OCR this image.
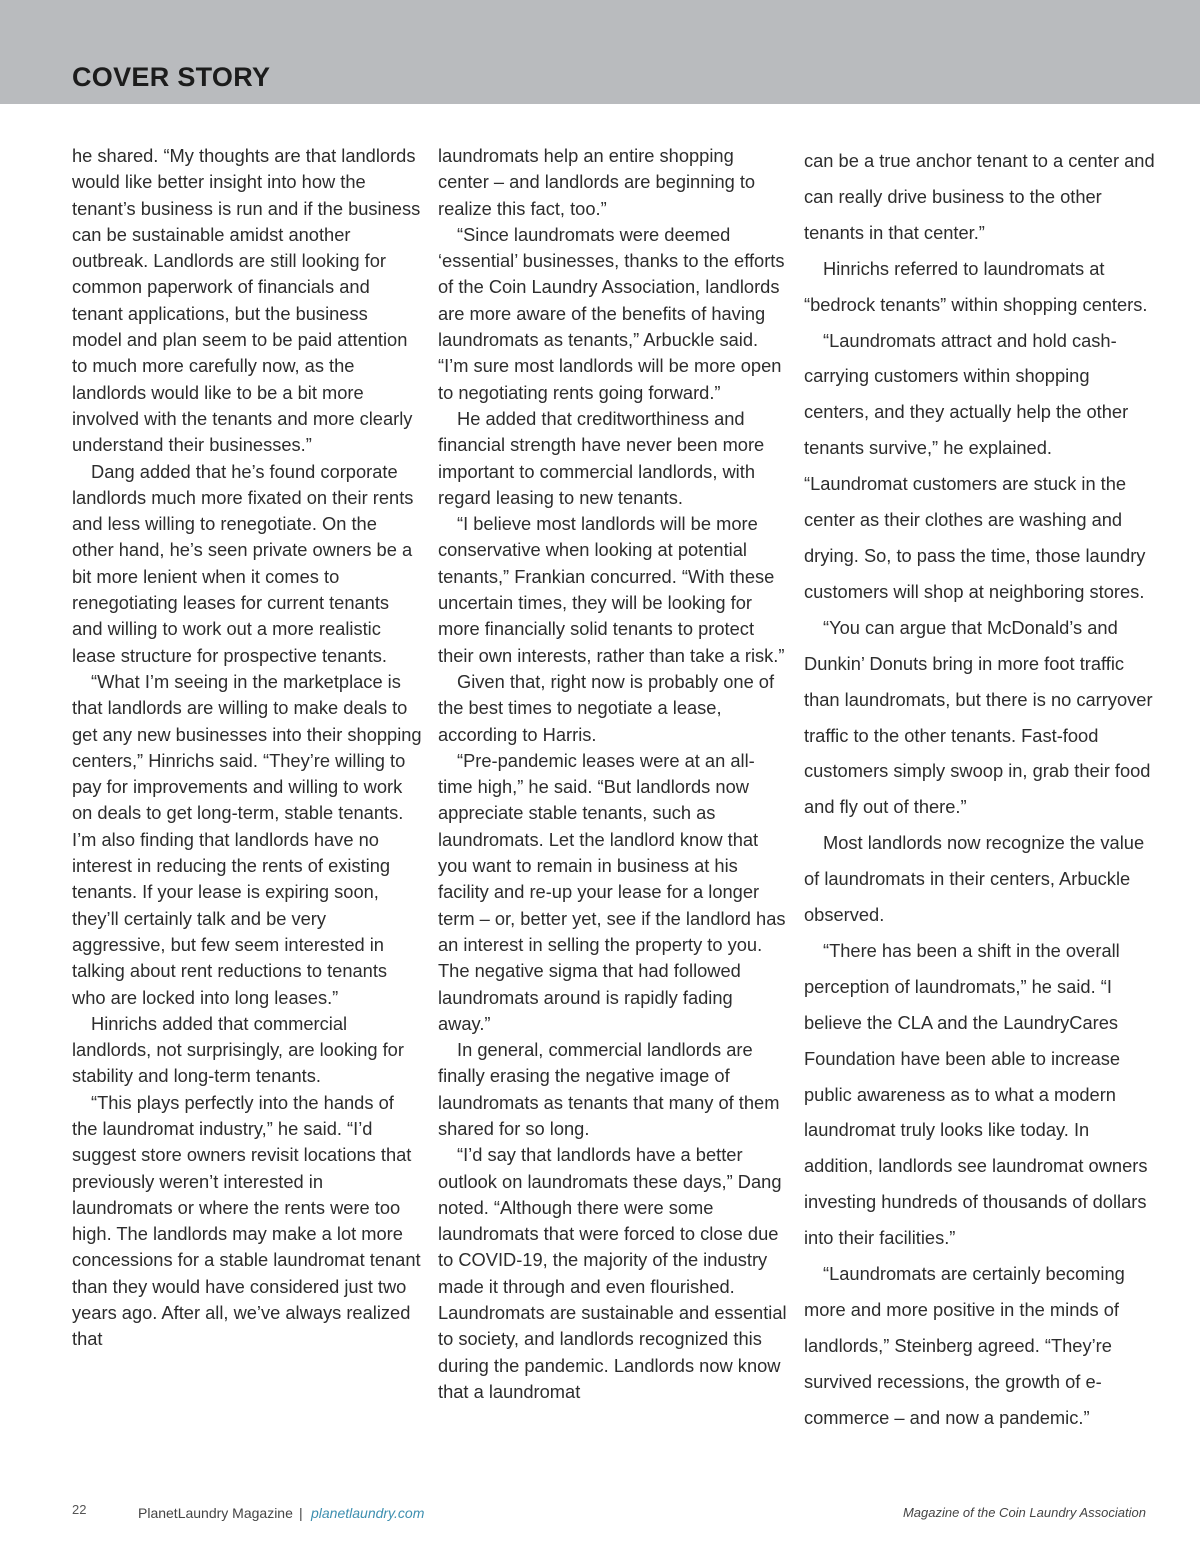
COVER STORY

he shared. “My thoughts are that landlords would like better insight into how the tenant’s business is run and if the business can be sustainable amidst another outbreak. Landlords are still looking for common paperwork of financials and tenant applications, but the business model and plan seem to be paid attention to much more carefully now, as the landlords would like to be a bit more involved with the tenants and more clearly understand their businesses.”

Dang added that he’s found corporate landlords much more fixated on their rents and less willing to renegotiate. On the other hand, he’s seen private owners be a bit more lenient when it comes to renegotiating leases for current tenants and willing to work out a more realistic lease structure for prospective tenants.

“What I’m seeing in the marketplace is that landlords are willing to make deals to get any new businesses into their shopping centers,” Hinrichs said. “They’re willing to pay for improvements and willing to work on deals to get long-term, stable tenants. I’m also finding that landlords have no interest in reducing the rents of existing tenants. If your lease is expiring soon, they’ll certainly talk and be very aggressive, but few seem interested in talking about rent reductions to tenants who are locked into long leases.”

Hinrichs added that commercial landlords, not surprisingly, are looking for stability and long-term tenants.

“This plays perfectly into the hands of the laundromat industry,” he said. “I’d suggest store owners revisit locations that previously weren’t interested in laundromats or where the rents were too high. The landlords may make a lot more concessions for a stable laundromat tenant than they would have considered just two years ago. After all, we’ve always realized that

laundromats help an entire shopping center – and landlords are beginning to realize this fact, too.”

“Since laundromats were deemed ‘essential’ businesses, thanks to the efforts of the Coin Laundry Association, landlords are more aware of the benefits of having laundromats as tenants,” Arbuckle said. “I’m sure most landlords will be more open to negotiating rents going forward.”

He added that creditworthiness and financial strength have never been more important to commercial landlords, with regard leasing to new tenants.

“I believe most landlords will be more conservative when looking at potential tenants,” Frankian concurred. “With these uncertain times, they will be looking for more financially solid tenants to protect their own interests, rather than take a risk.”

Given that, right now is probably one of the best times to negotiate a lease, according to Harris.

“Pre-pandemic leases were at an all-time high,” he said. “But landlords now appreciate stable tenants, such as laundromats. Let the landlord know that you want to remain in business at his facility and re-up your lease for a longer term – or, better yet, see if the landlord has an interest in selling the property to you. The negative sigma that had followed laundromats around is rapidly fading away.”

In general, commercial landlords are finally erasing the negative image of laundromats as tenants that many of them shared for so long.

“I’d say that landlords have a better outlook on laundromats these days,” Dang noted. “Although there were some laundromats that were forced to close due to COVID-19, the majority of the industry made it through and even flourished. Laundromats are sustainable and essential to society, and landlords recognized this during the pandemic. Landlords now know that a laundromat

can be a true anchor tenant to a center and can really drive business to the other tenants in that center.”

Hinrichs referred to laundromats at “bedrock tenants” within shopping centers.

“Laundromats attract and hold cash-carrying customers within shopping centers, and they actually help the other tenants survive,” he explained. “Laundromat customers are stuck in the center as their clothes are washing and drying. So, to pass the time, those laundry customers will shop at neighboring stores.

“You can argue that McDonald’s and Dunkin’ Donuts bring in more foot traffic than laundromats, but there is no carryover traffic to the other tenants. Fast-food customers simply swoop in, grab their food and fly out of there.”

Most landlords now recognize the value of laundromats in their centers, Arbuckle observed.

“There has been a shift in the overall perception of laundromats,” he said. “I believe the CLA and the LaundryCares Foundation have been able to increase public awareness as to what a modern laundromat truly looks like today. In addition, landlords see laundromat owners investing hundreds of thousands of dollars into their facilities.”

“Laundromats are certainly becoming more and more positive in the minds of landlords,” Steinberg agreed. “They’re survived recessions, the growth of e-commerce – and now a pandemic.”

22	PlanetLaundry Magazine | planetlaundry.com	Magazine of the Coin Laundry Association
